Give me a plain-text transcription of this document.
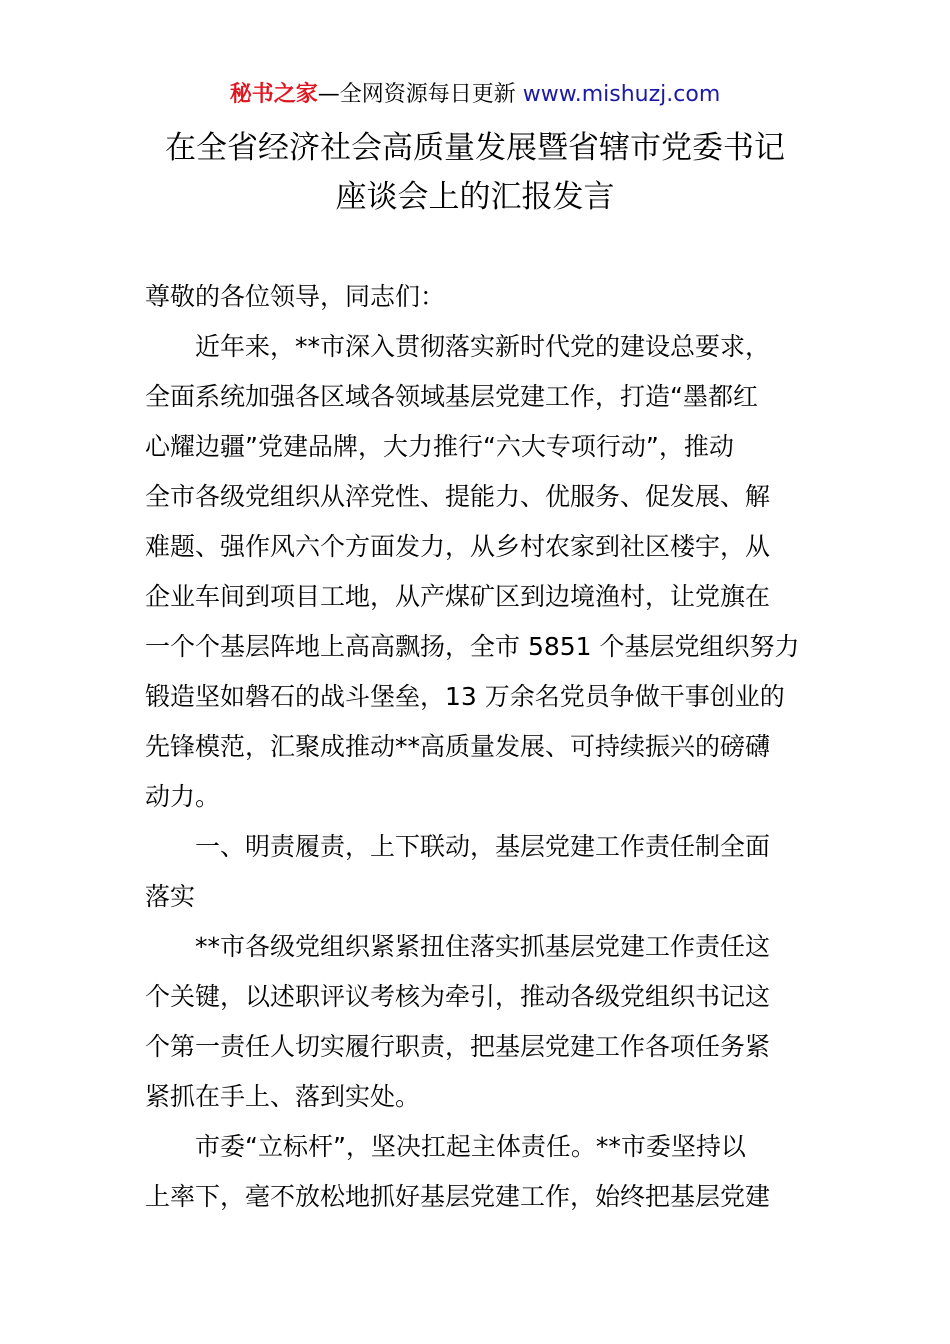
秘书之家—全网资源每日更新 www.mishuzj.com
在全省经济社会高质量发展暨省辖市党委书记
座谈会上的汇报发言
尊敬的各位领导，同志们：
近年来，**市深入贯彻落实新时代党的建设总要求，
全面系统加强各区域各领域基层党建工作，打造“墨都红
心耀边疆”党建品牌，大力推行“六大专项行动”，推动
全市各级党组织从淬党性、提能力、优服务、促发展、解
难题、强作风六个方面发力，从乡村农家到社区楼宇，从
企业车间到项目工地，从产煤矿区到边境渔村，让党旗在
一个个基层阵地上高高飘扬，全市 5851 个基层党组织努力
锻造坚如磐石的战斗堡垒，13 万余名党员争做干事创业的
先锋模范，汇聚成推动**高质量发展、可持续振兴的磅礴
动力。
一、明责履责，上下联动，基层党建工作责任制全面
落实
**市各级党组织紧紧扭住落实抓基层党建工作责任这
个关键，以述职评议考核为牵引，推动各级党组织书记这
个第一责任人切实履行职责，把基层党建工作各项任务紧
紧抓在手上、落到实处。
市委“立标杆”，坚决扛起主体责任。**市委坚持以
上率下，毫不放松地抓好基层党建工作，始终把基层党建
